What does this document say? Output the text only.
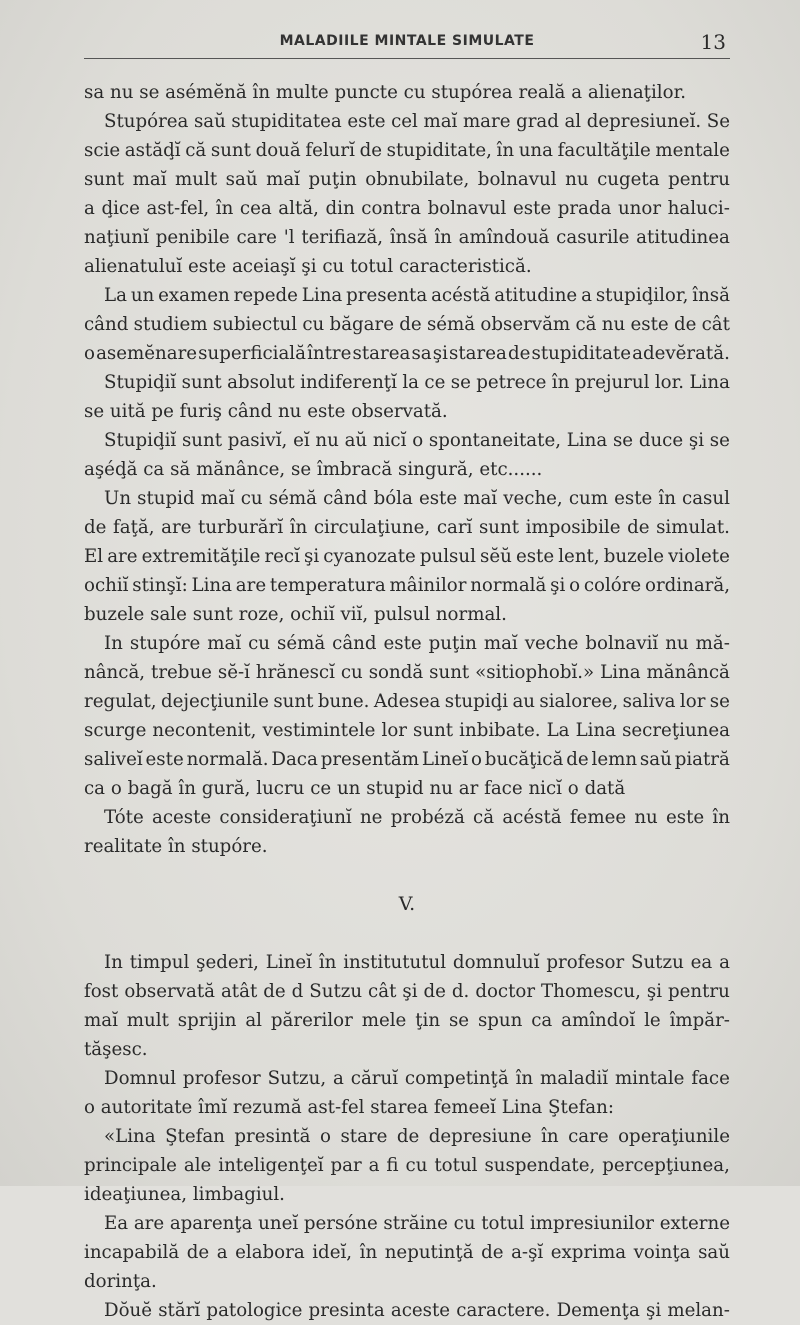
MALADIILE MINTALE SIMULATE	13
sa nu se asémĕnă în multe puncte cu stupórea reală a alienaţilor.
Stupórea saŭ stupiditatea este cel maĭ mare grad al depresiuneĭ. Se
scie astăḑĭ că sunt două felurĭ de stupiditate, în una facultăţile mentale
sunt maĭ mult saŭ maĭ puţin obnubilate, bolnavul nu cugeta pentru
a ḑice ast-fel, în cea altă, din contra bolnavul este prada unor haluci-
naţiunĭ penibile care 'l terifiază, însă în amîndouă casurile atitudinea
alienatuluĭ este aceiaşĭ şi cu totul caracteristică.
La un examen repede Lina presenta acéstă atitudine a stupiḑilor, însă
când studiem subiectul cu băgare de sémă observăm că nu este de cât
o asemĕnare superficială între starea sa şi starea de stupiditate adevĕrată.
Stupiḑiĭ sunt absolut indiferenţĭ la ce se petrece în prejurul lor. Lina
se uită pe furiş când nu este observată.
Stupiḑiĭ sunt pasivĭ, eĭ nu aŭ nicĭ o spontaneitate, Lina se duce şi se
aşéḑă ca să mănânce, se îmbracă singură, etc......
Un stupid maĭ cu sémă când bóla este maĭ veche, cum este în casul
de faţă, are turburărĭ în circulaţiune, carĭ sunt imposibile de simulat.
El are extremităţile recĭ şi cyanozate pulsul sĕŭ este lent, buzele violete
ochiĭ stinşĭ: Lina are temperatura mâinilor normală şi o colóre ordinară,
buzele sale sunt roze, ochiĭ viĭ, pulsul normal.
In stupóre maĭ cu sémă când este puţin maĭ veche bolnaviĭ nu mă-
nâncă, trebue sĕ-ĭ hrănescĭ cu sondă sunt «sitiophobĭ.» Lina mănâncă
regulat, dejecţiunile sunt bune. Adesea stupiḑi au sialoree, saliva lor se
scurge necontenit, vestimintele lor sunt inbibate. La Lina secreţiunea
saliveĭ este normală. Daca presentăm Lineĭ o bucăţică de lemn saŭ piatră
ca o bagă în gură, lucru ce un stupid nu ar face nicĭ o dată
Tóte aceste consideraţiunĭ ne probéză că acéstă femee nu este în
realitate în stupóre.
V.
In timpul şederi, Lineĭ în institututul domnuluĭ profesor Sutzu ea a
fost observată atât de d Sutzu cât şi de d. doctor Thomescu, şi pentru
maĭ mult sprijin al părerilor mele ţin se spun ca amîndoĭ le împăr-
tăşesc.
Domnul profesor Sutzu, a căruĭ competinţă în maladiĭ mintale face
o autoritate îmĭ rezumă ast-fel starea femeeĭ Lina Ştefan:
«Lina Ştefan presintă o stare de depresiune în care operaţiunile
principale ale inteligenţeĭ par a fi cu totul suspendate, percepţiunea,
ideaţiunea, limbagiul.
Ea are aparenţa uneĭ persóne străine cu totul impresiunilor externe
incapabilă de a elabora ideĭ, în neputinţă de a-şĭ exprima voinţa saŭ
dorinţa.
Dŏuĕ stărĭ patologice presinta aceste caractere. Demenţa şi melan-
